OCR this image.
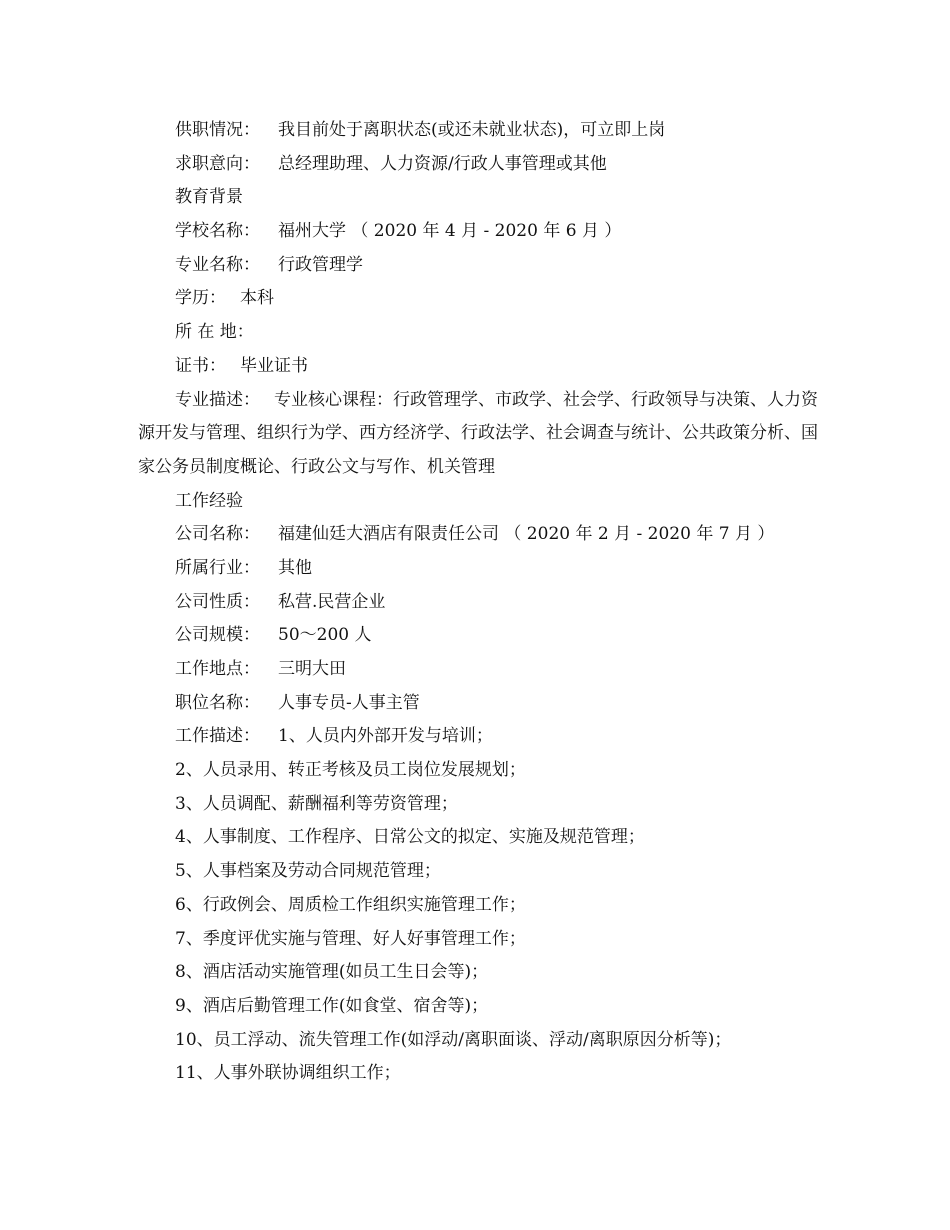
供职情况： 我目前处于离职状态(或还未就业状态)，可立即上岗
求职意向： 总经理助理、人力资源/行政人事管理或其他
教育背景
学校名称： 福州大学 （ 2020 年 4 月 - 2020 年 6 月 ）
专业名称： 行政管理学
学历： 本科
所 在 地：
证书： 毕业证书
专业描述： 专业核心课程：行政管理学、市政学、社会学、行政领导与决策、人力资源开发与管理、组织行为学、西方经济学、行政法学、社会调查与统计、公共政策分析、国家公务员制度概论、行政公文与写作、机关管理
工作经验
公司名称： 福建仙廷大酒店有限责任公司 （ 2020 年 2 月 - 2020 年 7 月 ）
所属行业： 其他
公司性质： 私营.民营企业
公司规模： 50～200 人
工作地点： 三明大田
职位名称： 人事专员-人事主管
工作描述： 1、人员内外部开发与培训；
2、人员录用、转正考核及员工岗位发展规划；
3、人员调配、薪酬福利等劳资管理；
4、人事制度、工作程序、日常公文的拟定、实施及规范管理；
5、人事档案及劳动合同规范管理；
6、行政例会、周质检工作组织实施管理工作；
7、季度评优实施与管理、好人好事管理工作；
8、酒店活动实施管理(如员工生日会等)；
9、酒店后勤管理工作(如食堂、宿舍等)；
10、员工浮动、流失管理工作(如浮动/离职面谈、浮动/离职原因分析等)；
11、人事外联协调组织工作；
